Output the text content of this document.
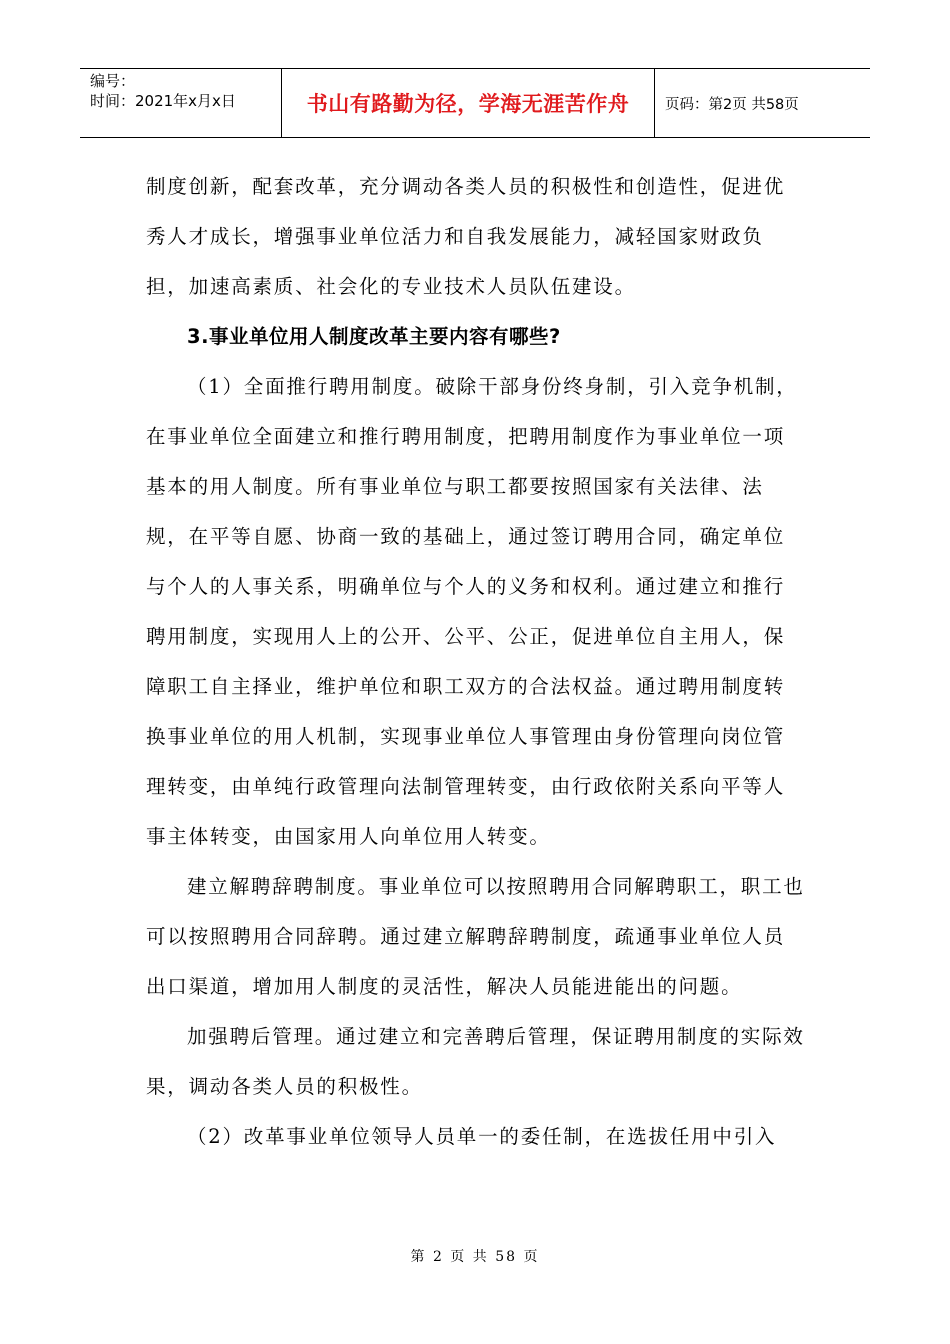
编号：
时间：2021年x月x日	书山有路勤为径，学海无涯苦作舟 页码：第2页 共58页

制度创新，配套改革，充分调动各类人员的积极性和创造性，促进优秀人才成长，增强事业单位活力和自我发展能力，减轻国家财政负担，加速高素质、社会化的专业技术人员队伍建设。

3.事业单位用人制度改革主要内容有哪些?

（1）全面推行聘用制度。破除干部身份终身制，引入竞争机制，在事业单位全面建立和推行聘用制度，把聘用制度作为事业单位一项基本的用人制度。所有事业单位与职工都要按照国家有关法律、法规，在平等自愿、协商一致的基础上，通过签订聘用合同，确定单位与个人的人事关系，明确单位与个人的义务和权利。通过建立和推行聘用制度，实现用人上的公开、公平、公正，促进单位自主用人，保障职工自主择业，维护单位和职工双方的合法权益。通过聘用制度转换事业单位的用人机制，实现事业单位人事管理由身份管理向岗位管理转变，由单纯行政管理向法制管理转变，由行政依附关系向平等人事主体转变，由国家用人向单位用人转变。

建立解聘辞聘制度。事业单位可以按照聘用合同解聘职工，职工也可以按照聘用合同辞聘。通过建立解聘辞聘制度，疏通事业单位人员出口渠道，增加用人制度的灵活性，解决人员能进能出的问题。

加强聘后管理。通过建立和完善聘后管理，保证聘用制度的实际效果，调动各类人员的积极性。

（2）改革事业单位领导人员单一的委任制，在选拔任用中引入

第 2 页 共 58 页
